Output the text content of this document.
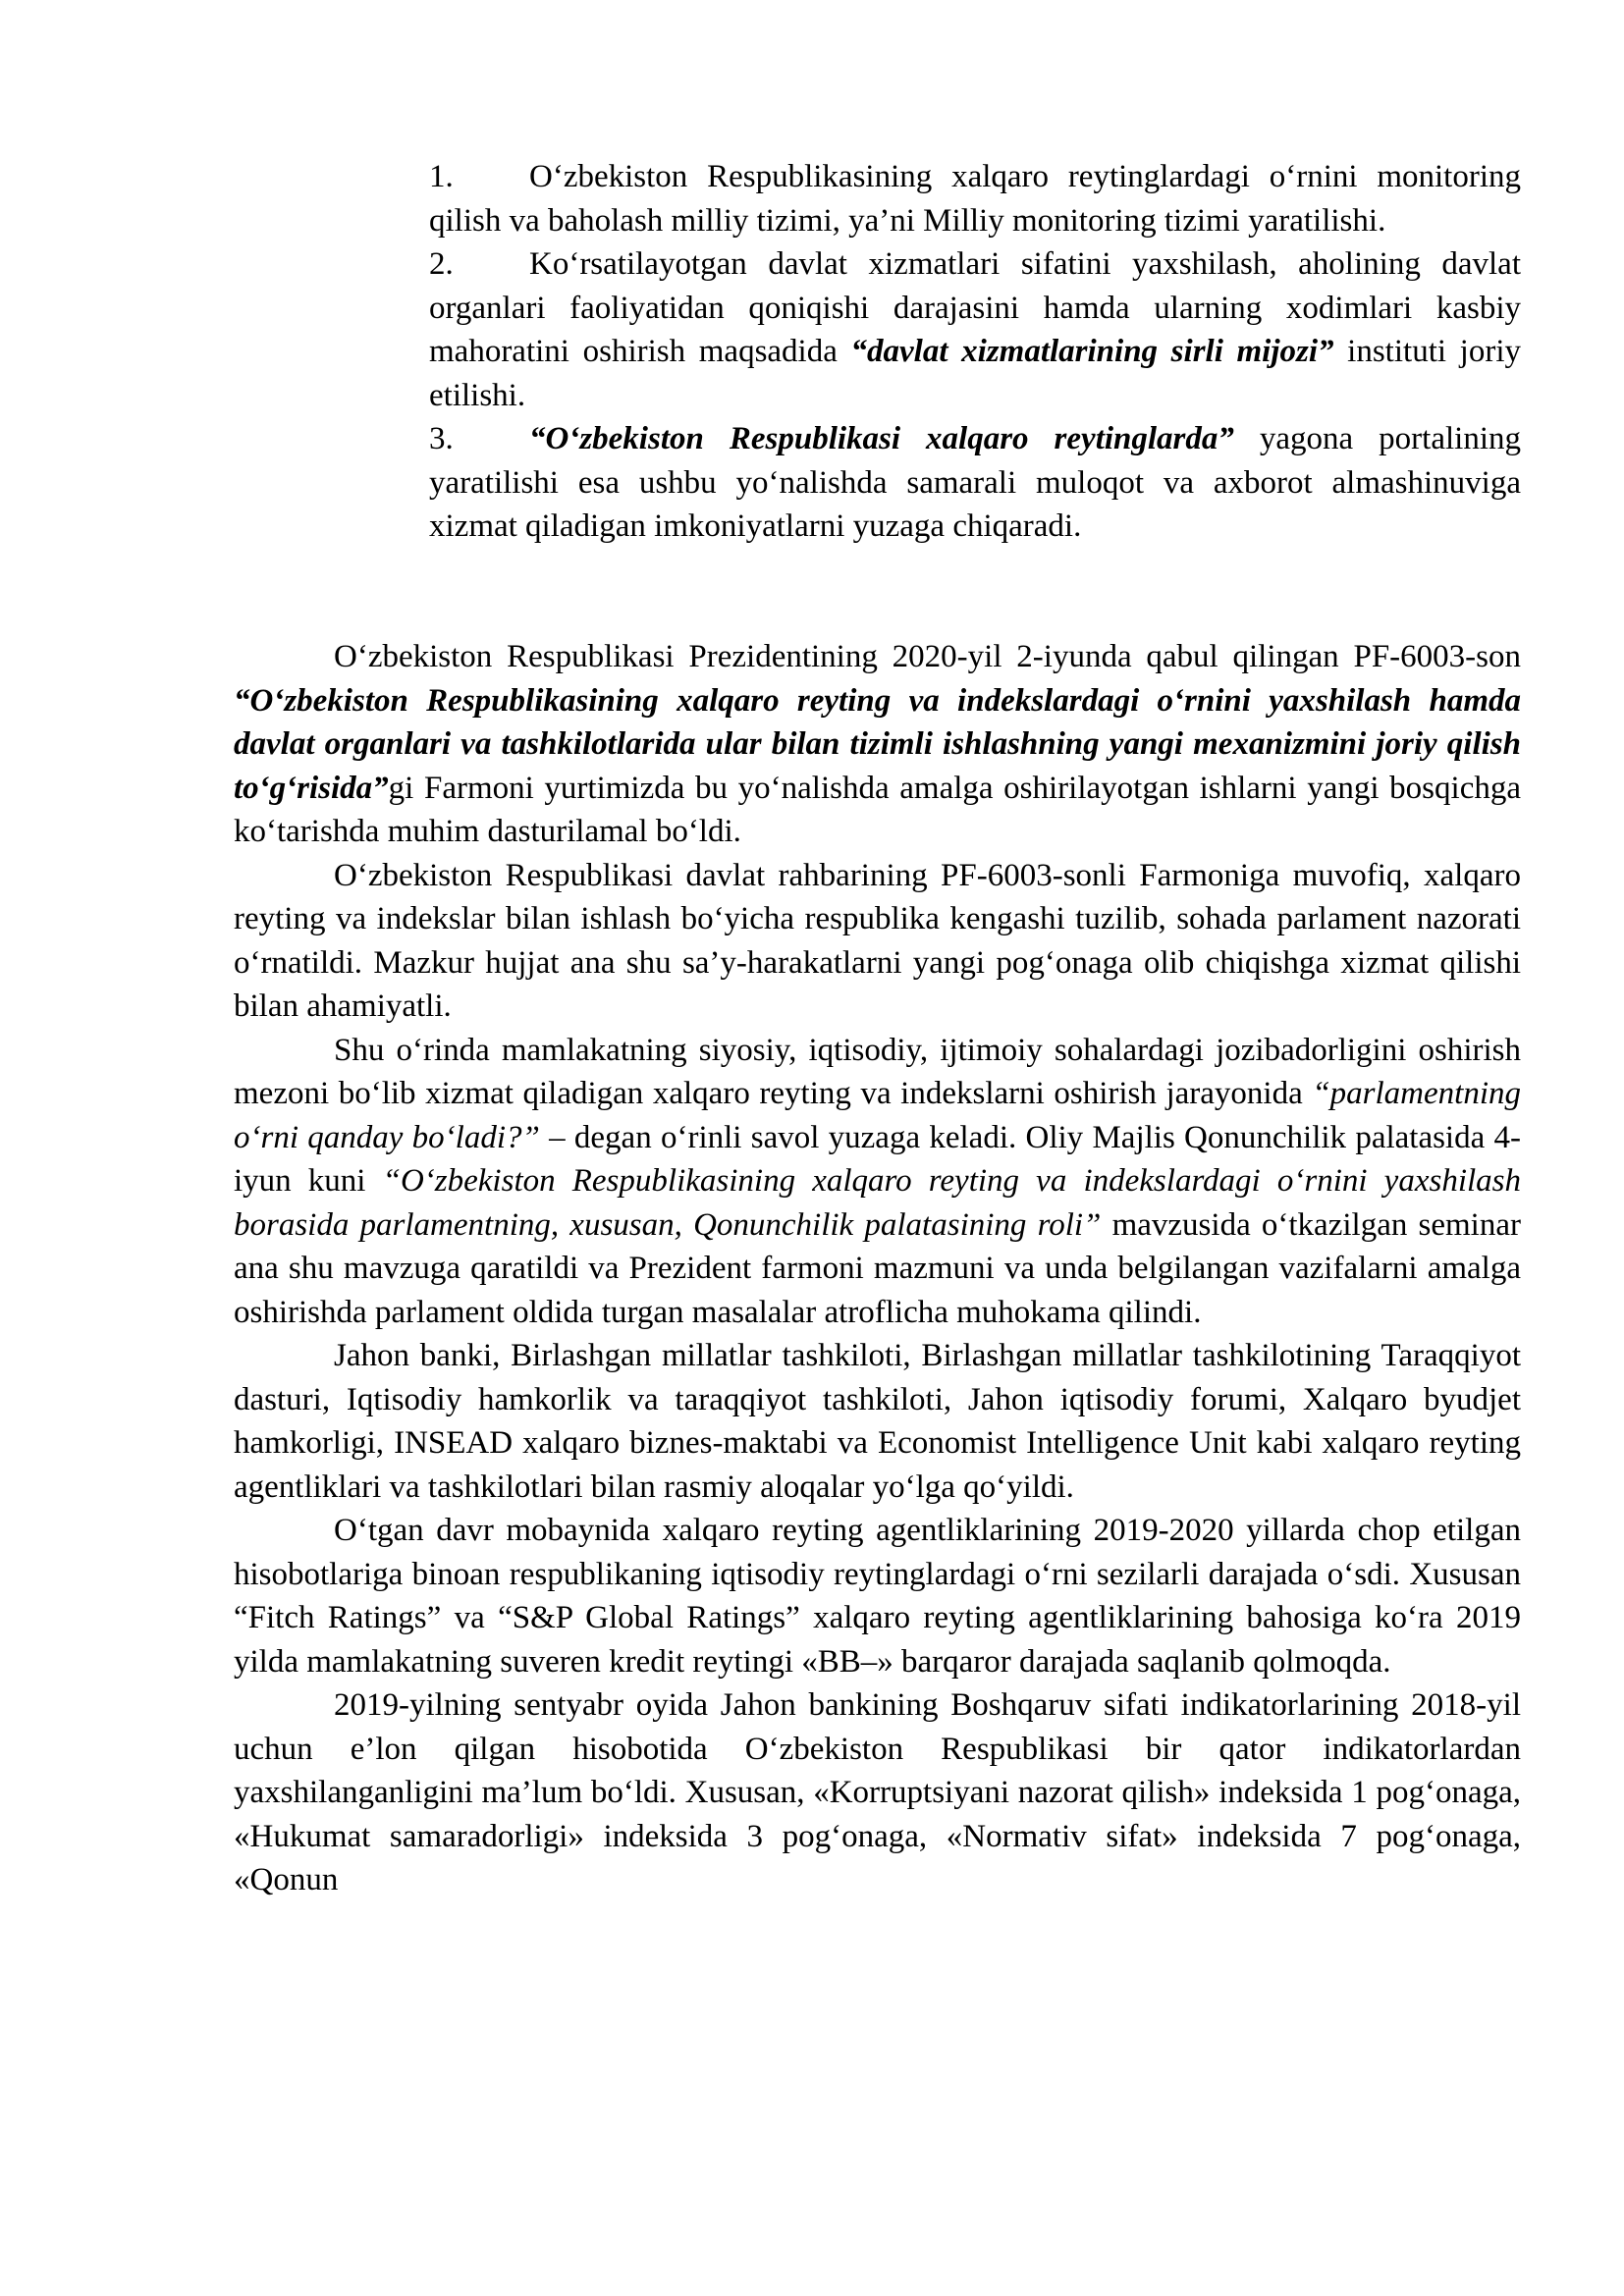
1. O‘zbekiston Respublikasining xalqaro reytinglardagi o‘rnini monitoring qilish va baholash milliy tizimi, ya’ni Milliy monitoring tizimi yaratilishi.

2. Ko‘rsatilayotgan davlat xizmatlari sifatini yaxshilash, aholining davlat organlari faoliyatidan qoniqishi darajasini hamda ularning xodimlari kasbiy mahoratini oshirish maqsadida “davlat xizmatlarining sirli mijozi” instituti joriy etilishi.

3. “O‘zbekiston Respublikasi xalqaro reytinglarda” yagona portalining yaratilishi esa ushbu yo‘nalishda samarali muloqot va axborot almashinuviga xizmat qiladigan imkoniyatlarni yuzaga chiqaradi.

O‘zbekiston Respublikasi Prezidentining 2020-yil 2-iyunda qabul qilingan PF-6003-son “O‘zbekiston Respublikasining xalqaro reyting va indekslardagi o‘rnini yaxshilash hamda davlat organlari va tashkilotlarida ular bilan tizimli ishlashning yangi mexanizmini joriy qilish to‘g‘risida”gi Farmoni yurtimizda bu yo‘nalishda amalga oshirilayotgan ishlarni yangi bosqichga ko‘tarishda muhim dasturilamal bo‘ldi.

O‘zbekiston Respublikasi davlat rahbarining PF-6003-sonli Farmoniga muvofiq, xalqaro reyting va indekslar bilan ishlash bo‘yicha respublika kengashi tuzilib, sohada parlament nazorati o‘rnatildi. Mazkur hujjat ana shu sa’y-harakatlarni yangi pog‘onaga olib chiqishga xizmat qilishi bilan ahamiyatli.

Shu o‘rinda mamlakatning siyosiy, iqtisodiy, ijtimoiy sohalardagi jozibadorligini oshirish mezoni bo‘lib xizmat qiladigan xalqaro reyting va indekslarni oshirish jarayonida “parlamentning o‘rni qanday bo‘ladi?” – degan o‘rinli savol yuzaga keladi. Oliy Majlis Qonunchilik palatasida 4-iyun kuni “O‘zbekiston Respublikasining xalqaro reyting va indekslardagi o‘rnini yaxshilash borasida parlamentning, xususan, Qonunchilik palatasining roli” mavzusida o‘tkazilgan seminar ana shu mavzuga qaratildi va Prezident farmoni mazmuni va unda belgilangan vazifalarni amalga oshirishda parlament oldida turgan masalalar atroflicha muhokama qilindi.

Jahon banki, Birlashgan millatlar tashkiloti, Birlashgan millatlar tashkilotining Taraqqiyot dasturi, Iqtisodiy hamkorlik va taraqqiyot tashkiloti, Jahon iqtisodiy forumi, Xalqaro byudjet hamkorligi, INSEAD xalqaro biznes-maktabi va Economist Intelligence Unit kabi xalqaro reyting agentliklari va tashkilotlari bilan rasmiy aloqalar yo‘lga qo‘yildi.

O‘tgan davr mobaynida xalqaro reyting agentliklarining 2019-2020 yillarda chop etilgan hisobotlariga binoan respublikaning iqtisodiy reytinglardagi o‘rni sezilarli darajada o‘sdi. Xususan “Fitch Ratings” va “S&P Global Ratings” xalqaro reyting agentliklarining bahosiga ko‘ra 2019 yilda mamlakatning suveren kredit reytingi «BB–» barqaror darajada saqlanib qolmoqda.

2019-yilning sentyabr oyida Jahon bankining Boshqaruv sifati indikatorlarining 2018-yil uchun e’lon qilgan hisobotida O‘zbekiston Respublikasi bir qator indikatorlardan yaxshilanganligini ma’lum bo‘ldi. Xususan, «Korruptsiyani nazorat qilish» indeksida 1 pog‘onaga, «Hukumat samaradorligi» indeksida 3 pog‘onaga, «Normativ sifat» indeksida 7 pog‘onaga, «Qonun
